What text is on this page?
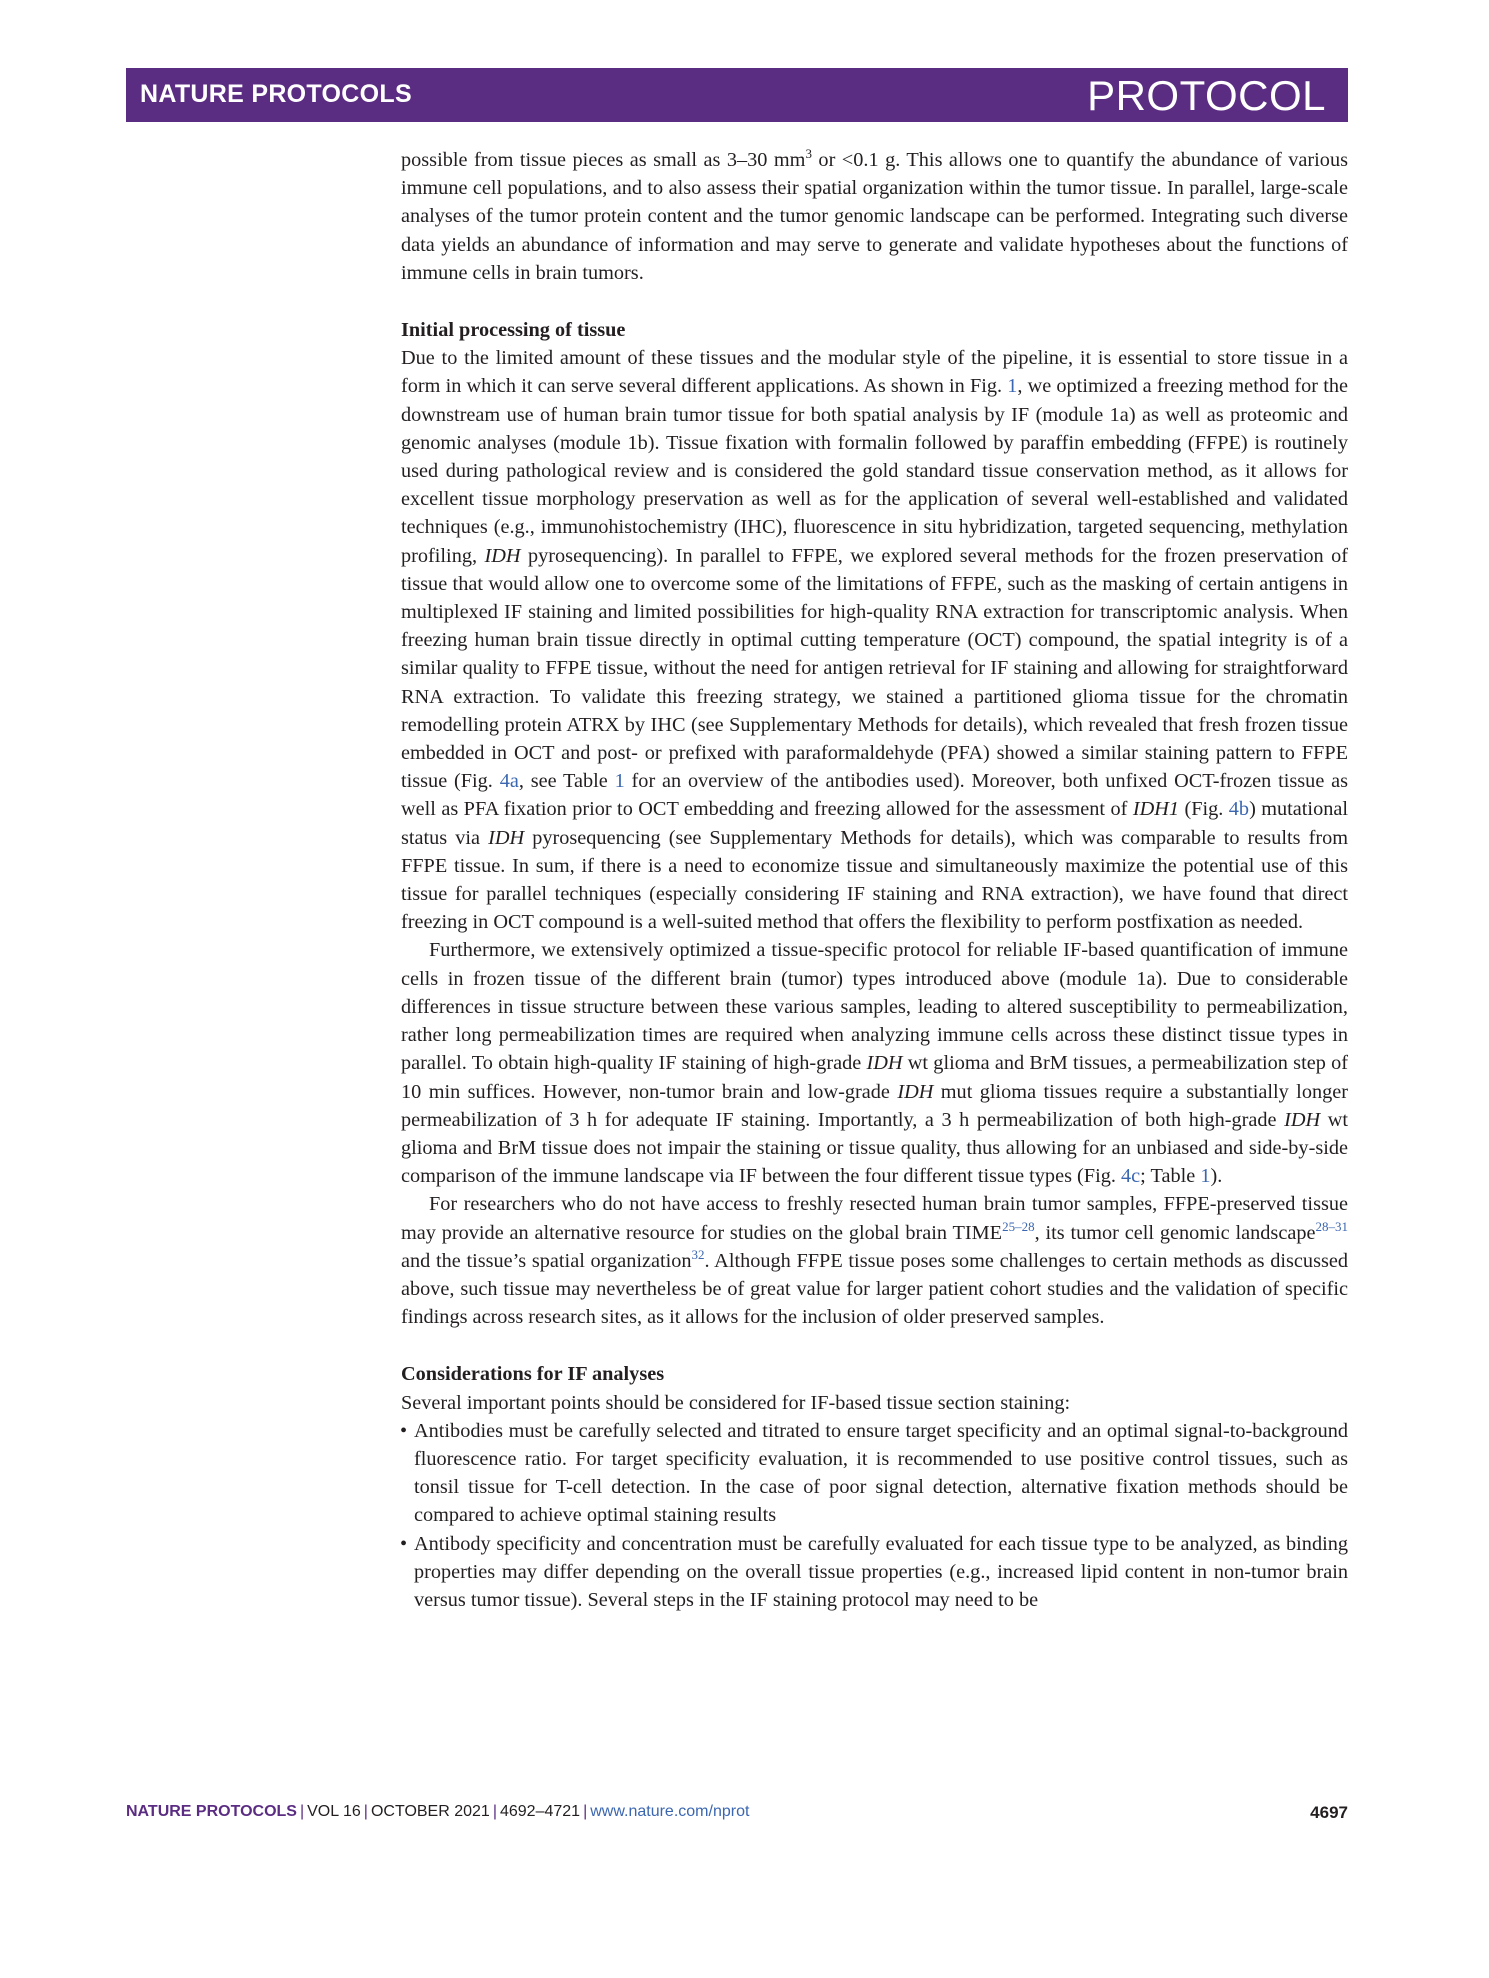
NATURE PROTOCOLS	PROTOCOL

possible from tissue pieces as small as 3–30 $mm^3$ or <0.1 g. This allows one to quantify the abundance of various immune cell populations, and to also assess their spatial organization within the tumor tissue. In parallel, large-scale analyses of the tumor protein content and the tumor genomic landscape can be performed. Integrating such diverse data yields an abundance of information and may serve to generate and validate hypotheses about the functions of immune cells in brain tumors.

Initial processing of tissue

Due to the limited amount of these tissues and the modular style of the pipeline, it is essential to store tissue in a form in which it can serve several different applications. As shown in Fig. 1, we optimized a freezing method for the downstream use of human brain tumor tissue for both spatial analysis by IF (module 1a) as well as proteomic and genomic analyses (module 1b). Tissue fixation with formalin followed by paraffin embedding (FFPE) is routinely used during pathological review and is considered the gold standard tissue conservation method, as it allows for excellent tissue morphology preservation as well as for the application of several well-established and validated techniques (e.g., immunohistochemistry (IHC), fluorescence in situ hybridization, targeted sequencing, methylation profiling, IDH pyrosequencing). In parallel to FFPE, we explored several methods for the frozen preservation of tissue that would allow one to overcome some of the limitations of FFPE, such as the masking of certain antigens in multiplexed IF staining and limited possibilities for high-quality RNA extraction for transcriptomic analysis. When freezing human brain tissue directly in optimal cutting temperature (OCT) compound, the spatial integrity is of a similar quality to FFPE tissue, without the need for antigen retrieval for IF staining and allowing for straightforward RNA extraction. To validate this freezing strategy, we stained a partitioned glioma tissue for the chromatin remodelling protein ATRX by IHC (see Supplementary Methods for details), which revealed that fresh frozen tissue embedded in OCT and post- or prefixed with paraformaldehyde (PFA) showed a similar staining pattern to FFPE tissue (Fig. 4a, see Table 1 for an overview of the antibodies used). Moreover, both unfixed OCT-frozen tissue as well as PFA fixation prior to OCT embedding and freezing allowed for the assessment of IDH1 (Fig. 4b) mutational status via IDH pyrosequencing (see Supplementary Methods for details), which was comparable to results from FFPE tissue. In sum, if there is a need to economize tissue and simultaneously maximize the potential use of this tissue for parallel techniques (especially considering IF staining and RNA extraction), we have found that direct freezing in OCT compound is a well-suited method that offers the flexibility to perform postfixation as needed.

Furthermore, we extensively optimized a tissue-specific protocol for reliable IF-based quantification of immune cells in frozen tissue of the different brain (tumor) types introduced above (module 1a). Due to considerable differences in tissue structure between these various samples, leading to altered susceptibility to permeabilization, rather long permeabilization times are required when analyzing immune cells across these distinct tissue types in parallel. To obtain high-quality IF staining of high-grade IDH wt glioma and BrM tissues, a permeabilization step of 10 min suffices. However, non-tumor brain and low-grade IDH mut glioma tissues require a substantially longer permeabilization of 3 h for adequate IF staining. Importantly, a 3 h permeabilization of both high-grade IDH wt glioma and BrM tissue does not impair the staining or tissue quality, thus allowing for an unbiased and side-by-side comparison of the immune landscape via IF between the four different tissue types (Fig. 4c; Table 1).

For researchers who do not have access to freshly resected human brain tumor samples, FFPE-preserved tissue may provide an alternative resource for studies on the global brain TIME$^{25-28}$, its tumor cell genomic landscape$^{28-31}$ and the tissue’s spatial organization$^{32}$. Although FFPE tissue poses some challenges to certain methods as discussed above, such tissue may nevertheless be of great value for larger patient cohort studies and the validation of specific findings across research sites, as it allows for the inclusion of older preserved samples.

Considerations for IF analyses

Several important points should be considered for IF-based tissue section staining:

• Antibodies must be carefully selected and titrated to ensure target specificity and an optimal signal-to-background fluorescence ratio. For target specificity evaluation, it is recommended to use positive control tissues, such as tonsil tissue for T-cell detection. In the case of poor signal detection, alternative fixation methods should be compared to achieve optimal staining results
• Antibody specificity and concentration must be carefully evaluated for each tissue type to be analyzed, as binding properties may differ depending on the overall tissue properties (e.g., increased lipid content in non-tumor brain versus tumor tissue). Several steps in the IF staining protocol may need to be
NATURE PROTOCOLS | VOL 16 | OCTOBER 2021 | 4692–4721 | www.nature.com/nprot	4697
